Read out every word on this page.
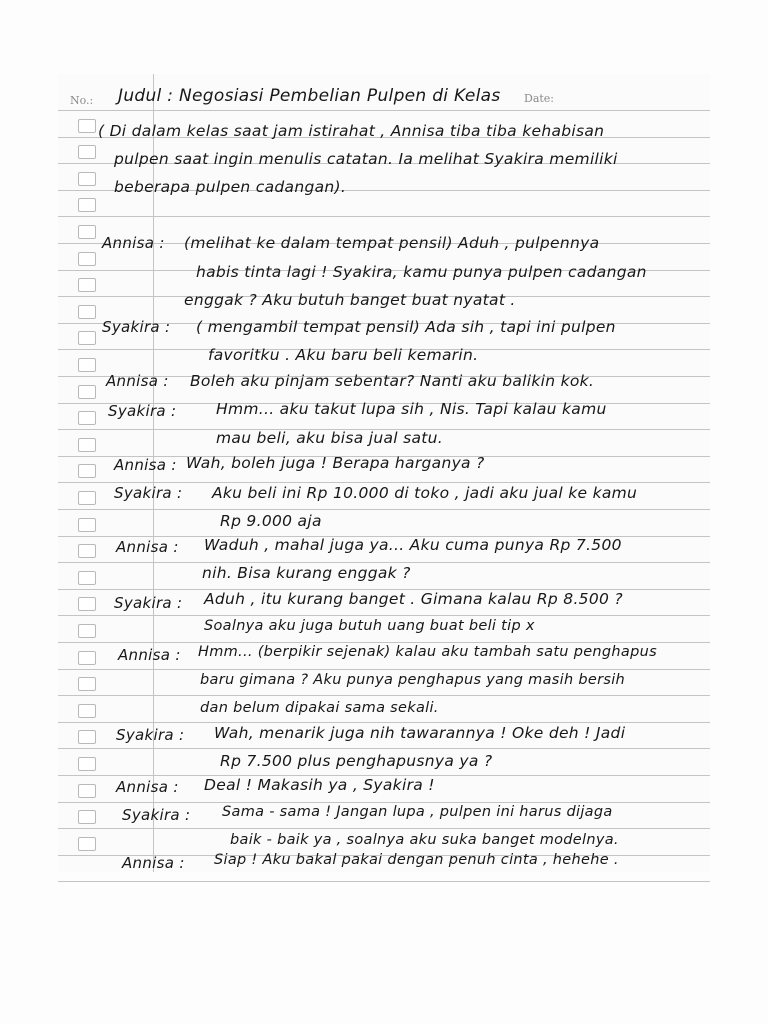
No.:	Date:
Judul : Negosiasi Pembelian Pulpen di Kelas
( Di dalam kelas saat jam istirahat , Annisa tiba tiba kehabisan
pulpen saat ingin menulis catatan. Ia melihat Syakira memiliki
beberapa pulpen cadangan).
Annisa : (melihat ke dalam tempat pensil) Aduh , pulpennya
habis tinta lagi ! Syakira, kamu punya pulpen cadangan
enggak ? Aku butuh banget buat nyatat .
Syakira : ( mengambil tempat pensil) Ada sih , tapi ini pulpen
favoritku . Aku baru beli kemarin.
Annisa : Boleh aku pinjam sebentar? Nanti aku balikin kok.
Syakira :	Hmm... aku takut lupa sih , Nis. Tapi kalau kamu
mau beli, aku bisa jual satu.
Annisa : Wah, boleh juga ! Berapa harganya ?
Syakira : Aku beli ini Rp 10.000 di toko , jadi aku jual ke kamu
Rp 9.000 aja
Annisa : Waduh , mahal juga ya... Aku cuma punya Rp 7.500
nih. Bisa kurang enggak ?
Syakira : Aduh , itu kurang banget . Gimana kalau Rp 8.500 ?
Soalnya aku juga butuh uang buat beli tip x
Annisa : Hmm... (berpikir sejenak) kalau aku tambah satu penghapus
baru gimana ? Aku punya penghapus yang masih bersih
dan belum dipakai sama sekali.
Syakira : Wah, menarik juga nih tawarannya ! Oke deh ! Jadi
Rp 7.500 plus penghapusnya ya ?
Annisa : Deal ! Makasih ya , Syakira !
Syakira : Sama - sama ! Jangan lupa , pulpen ini harus dijaga
baik - baik ya , soalnya aku suka banget modelnya.
Annisa : Siap ! Aku bakal pakai dengan penuh cinta , hehehe .
